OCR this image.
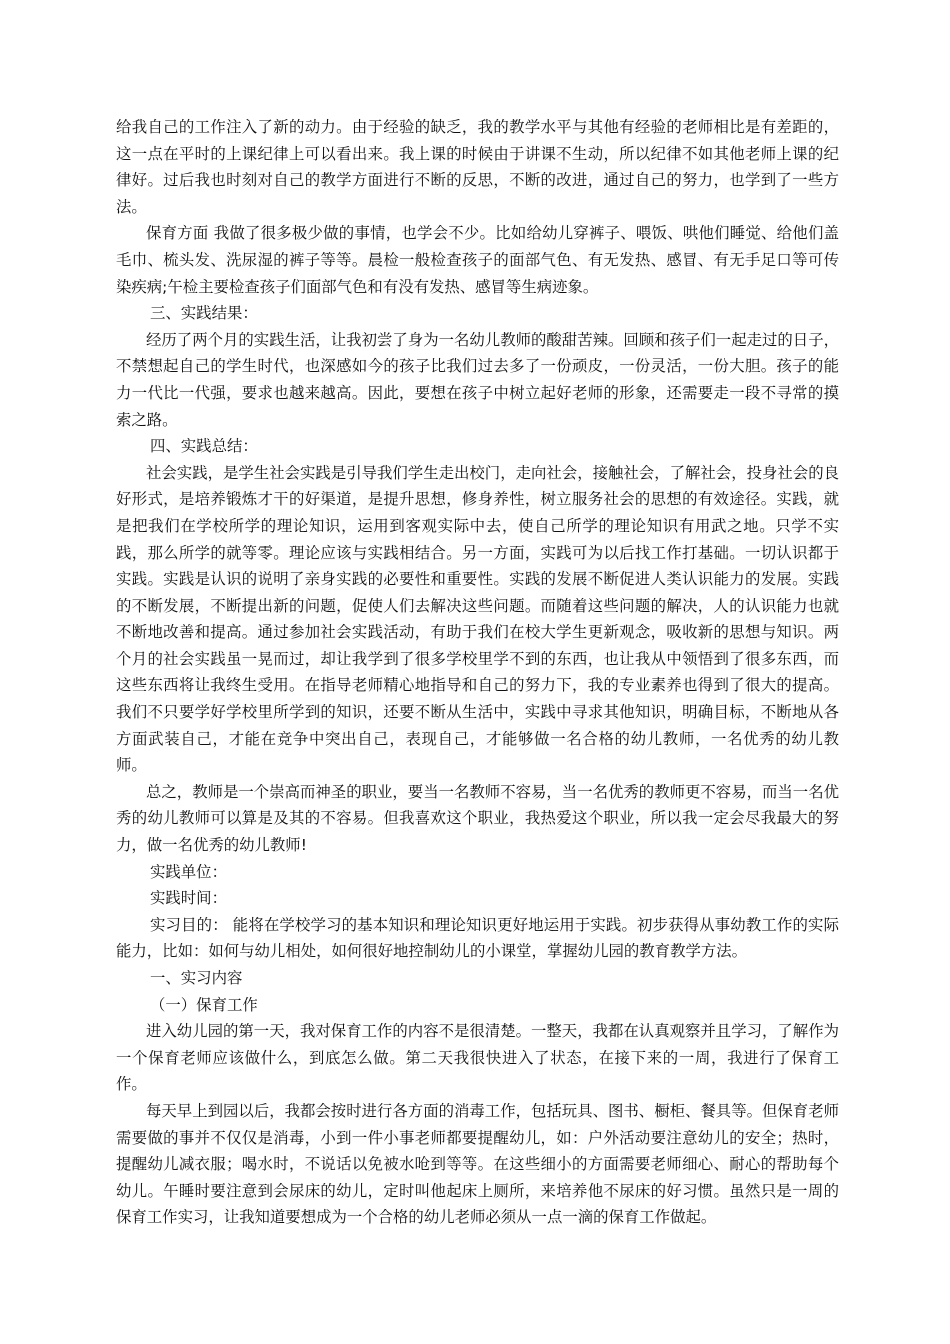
给我自己的工作注入了新的动力。由于经验的缺乏，我的教学水平与其他有经验的老师相比是有差距的，这一点在平时的上课纪律上可以看出来。我上课的时候由于讲课不生动，所以纪律不如其他老师上课的纪律好。过后我也时刻对自己的教学方面进行不断的反思，不断的改进，通过自己的努力，也学到了一些方法。

保育方面 我做了很多极少做的事情，也学会不少。比如给幼儿穿裤子、喂饭、哄他们睡觉、给他们盖毛巾、梳头发、洗尿湿的裤子等等。晨检一般检查孩子的面部气色、有无发热、感冒、有无手足口等可传染疾病;午检主要检查孩子们面部气色和有没有发热、感冒等生病迹象。

三、实践结果：

经历了两个月的实践生活，让我初尝了身为一名幼儿教师的酸甜苦辣。回顾和孩子们一起走过的日子，不禁想起自己的学生时代，也深感如今的孩子比我们过去多了一份顽皮，一份灵活，一份大胆。孩子的能力一代比一代强，要求也越来越高。因此，要想在孩子中树立起好老师的形象，还需要走一段不寻常的摸索之路。

四、实践总结：

社会实践，是学生社会实践是引导我们学生走出校门，走向社会，接触社会，了解社会，投身社会的良好形式，是培养锻炼才干的好渠道，是提升思想，修身养性，树立服务社会的思想的有效途径。实践，就是把我们在学校所学的理论知识，运用到客观实际中去，使自己所学的理论知识有用武之地。只学不实践，那么所学的就等零。理论应该与实践相结合。另一方面，实践可为以后找工作打基础。一切认识都于实践。实践是认识的说明了亲身实践的必要性和重要性。实践的发展不断促进人类认识能力的发展。实践的不断发展，不断提出新的问题，促使人们去解决这些问题。而随着这些问题的解决，人的认识能力也就不断地改善和提高。通过参加社会实践活动，有助于我们在校大学生更新观念，吸收新的思想与知识。两个月的社会实践虽一晃而过，却让我学到了很多学校里学不到的东西，也让我从中领悟到了很多东西，而这些东西将让我终生受用。在指导老师精心地指导和自己的努力下，我的专业素养也得到了很大的提高。我们不只要学好学校里所学到的知识，还要不断从生活中，实践中寻求其他知识，明确目标，不断地从各方面武装自己，才能在竞争中突出自己，表现自己，才能够做一名合格的幼儿教师，一名优秀的幼儿教师。

总之，教师是一个崇高而神圣的职业，要当一名教师不容易，当一名优秀的教师更不容易，而当一名优秀的幼儿教师可以算是及其的不容易。但我喜欢这个职业，我热爱这个职业，所以我一定会尽我最大的努力，做一名优秀的幼儿教师!

实践单位：

实践时间：

实习目的： 能将在学校学习的基本知识和理论知识更好地运用于实践。初步获得从事幼教工作的实际能力，比如：如何与幼儿相处，如何很好地控制幼儿的小课堂，掌握幼儿园的教育教学方法。

一、实习内容

（一）保育工作

进入幼儿园的第一天，我对保育工作的内容不是很清楚。一整天，我都在认真观察并且学习，了解作为一个保育老师应该做什么，到底怎么做。第二天我很快进入了状态，在接下来的一周，我进行了保育工作。

每天早上到园以后，我都会按时进行各方面的消毒工作，包括玩具、图书、橱柜、餐具等。但保育老师需要做的事并不仅仅是消毒，小到一件小事老师都要提醒幼儿，如：户外活动要注意幼儿的安全；热时，提醒幼儿减衣服；喝水时，不说话以免被水呛到等等。在这些细小的方面需要老师细心、耐心的帮助每个幼儿。午睡时要注意到会尿床的幼儿，定时叫他起床上厕所，来培养他不尿床的好习惯。虽然只是一周的保育工作实习，让我知道要想成为一个合格的幼儿老师必须从一点一滴的保育工作做起。
